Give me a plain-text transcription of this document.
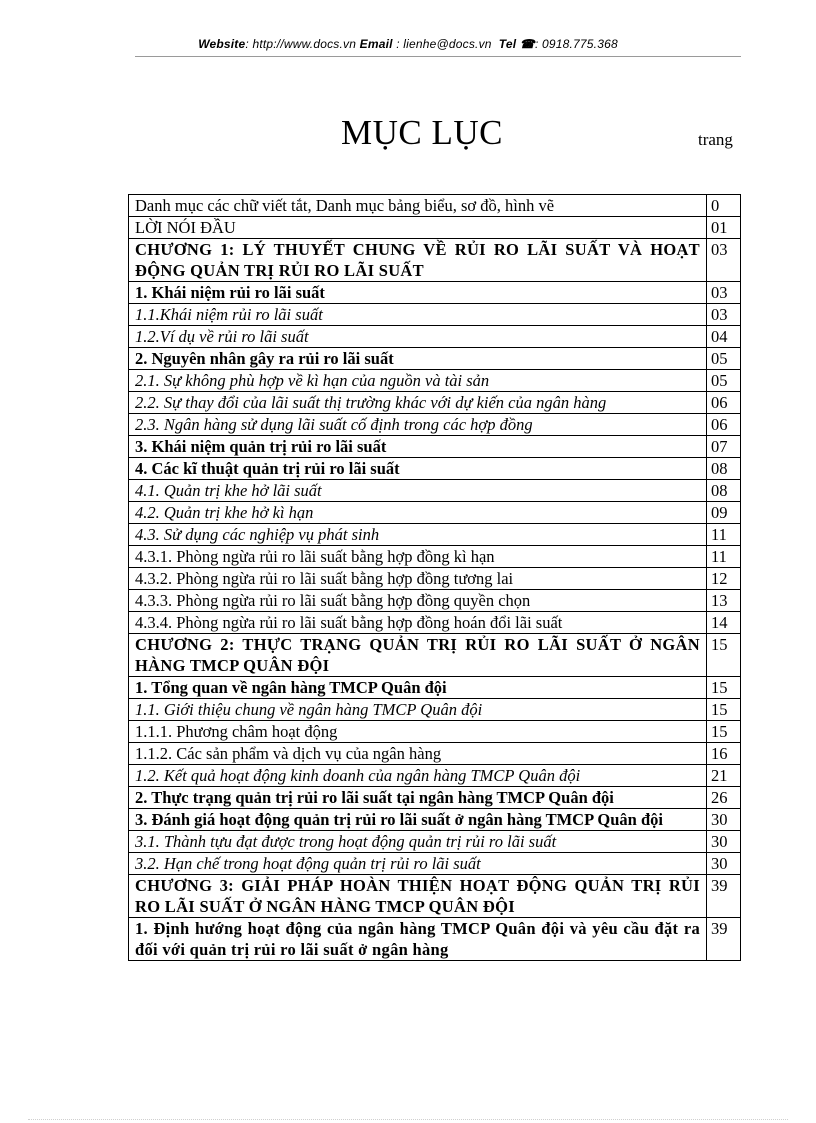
Website: http://www.docs.vn Email : lienhe@docs.vn Tel ☎: 0918.775.368
MỤC LỤC	trang
Danh mục các chữ viết tắt, Danh mục bảng biểu, sơ đồ, hình vẽ	0
LỜI NÓI ĐẦU	01
CHƯƠNG 1: LÝ THUYẾT CHUNG VỀ RỦI RO LÃI SUẤT VÀ HOẠT ĐỘNG QUẢN TRỊ RỦI RO LÃI SUẤT	03
1. Khái niệm rủi ro lãi suất	03
1.1.Khái niệm rủi ro lãi suất	03
1.2.Ví dụ về rủi ro lãi suất	04
2. Nguyên nhân gây ra rủi ro lãi suất	05
2.1. Sự không phù hợp về kì hạn của nguồn và tài sản	05
2.2. Sự thay đổi của lãi suất thị trường khác với dự kiến của ngân hàng	06
2.3. Ngân hàng sử dụng lãi suất cố định trong các hợp đồng	06
3. Khái niệm quản trị rủi ro lãi suất	07
4. Các kĩ thuật quản trị rủi ro lãi suất	08
4.1. Quản trị khe hở lãi suất	08
4.2. Quản trị khe hở kì hạn	09
4.3. Sử dụng các nghiệp vụ phát sinh	11
4.3.1. Phòng ngừa rủi ro lãi suất bằng hợp đồng kì hạn	11
4.3.2. Phòng ngừa rủi ro lãi suất bằng hợp đồng tương lai	12
4.3.3. Phòng ngừa rủi ro lãi suất bằng hợp đồng quyền chọn	13
4.3.4. Phòng ngừa rủi ro lãi suất bằng hợp đồng hoán đổi lãi suất	14
CHƯƠNG 2: THỰC TRẠNG QUẢN TRỊ RỦI RO LÃI SUẤT Ở NGÂN HÀNG TMCP QUÂN ĐỘI	15
1. Tổng quan về ngân hàng TMCP Quân đội	15
1.1. Giới thiệu chung về ngân hàng TMCP Quân đội	15
1.1.1. Phương châm hoạt động	15
1.1.2. Các sản phẩm và dịch vụ của ngân hàng	16
1.2. Kết quả hoạt động kinh doanh của ngân hàng TMCP Quân đội	21
2. Thực trạng quản trị rủi ro lãi suất tại ngân hàng TMCP Quân đội	26
3. Đánh giá hoạt động quản trị rủi ro lãi suất ở ngân hàng TMCP Quân đội	30
3.1. Thành tựu đạt được trong hoạt động quản trị rủi ro lãi suất	30
3.2. Hạn chế trong hoạt động quản trị rủi ro lãi suất	30
CHƯƠNG 3: GIẢI PHÁP HOÀN THIỆN HOẠT ĐỘNG QUẢN TRỊ RỦI RO LÃI SUẤT Ở NGÂN HÀNG TMCP QUÂN ĐỘI	39
1. Định hướng hoạt động của ngân hàng TMCP Quân đội và yêu cầu đặt ra đối với quản trị rủi ro lãi suất ở ngân hàng	39
